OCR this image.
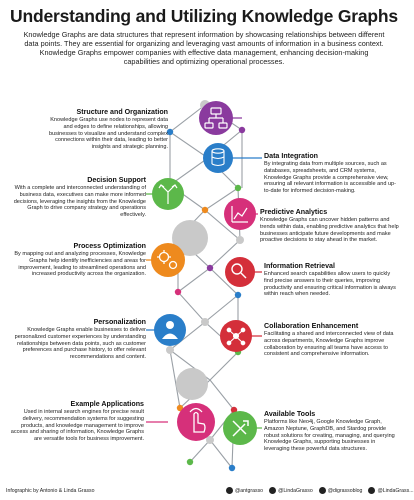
Understanding and Utilizing Knowledge Graphs
Knowledge Graphs are data structures that represent information by showcasing relationships between different data points. They are essential for organizing and leveraging vast amounts of information in a business context. Knowledge Graphs empower companies with effective data management, enhancing decision-making capabilities and optimizing operational processes.
Structure and Organization

Knowledge Graphs use nodes to represent data and edges to define relationships, allowing businesses to visualize and understand complex connections within their data, leading to better insights and strategic planning.

Decision Support

With a complete and interconnected understanding of business data, executives can make more informed decisions, leveraging the insights from the Knowledge Graph to drive company strategy and operations effectively.

Process Optimization

By mapping out and analyzing processes, Knowledge Graphs help identify inefficiencies and areas for improvement, leading to streamlined operations and increased productivity across the organization.

Personalization

Knowledge Graphs enable businesses to deliver personalized customer experiences by understanding relationships between data points, such as customer preferences and purchase history, to offer relevant recommendations and content.

Example Applications

Used in internal search engines for precise result delivery, recommendation systems for suggesting products, and knowledge management to improve access and sharing of information, Knowledge Graphs are versatile tools for business improvement.

Data Integration

By integrating data from multiple sources, such as databases, spreadsheets, and CRM systems, Knowledge Graphs provide a comprehensive view, ensuring all relevant information is accessible and up-to-date for informed decision-making.

Predictive Analytics

Knowledge Graphs can uncover hidden patterns and trends within data, enabling predictive analytics that help businesses anticipate future developments and make proactive decisions to stay ahead in the market.

Information Retrieval

Enhanced search capabilities allow users to quickly find precise answers to their queries, improving productivity and ensuring critical information is always within reach when needed.

Collaboration Enhancement

Facilitating a shared and interconnected view of data across departments, Knowledge Graphs improve collaboration by ensuring all teams have access to consistent and comprehensive information.

Available Tools

Platforms like Neo4j, Google Knowledge Graph, Amazon Neptune, GraphDB, and Stardog provide robust solutions for creating, managing, and querying Knowledge Graphs, supporting businesses in leveraging these powerful data structures.

Infographic by Antonio & Linda Grasso	@antgrasso	@LindaGrasso	@digrassoblog	@LindaGrass...
